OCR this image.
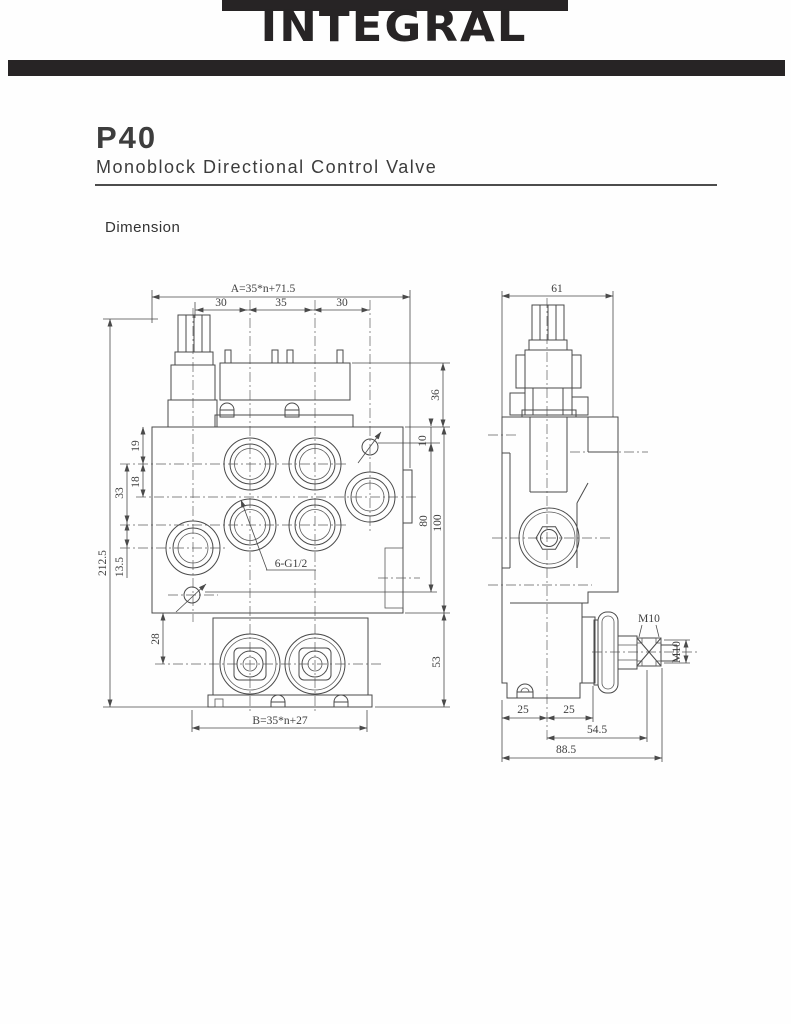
INTEGRAL
P40
Monoblock Directional Control Valve
Dimension
6-G1/2
A=35*n+71.5
30	35	30
212.5
33
13.5
19
18
28
36
10
100
80
53
B=35*n+27
M10
M10
61
25	25
54.5
88.5
